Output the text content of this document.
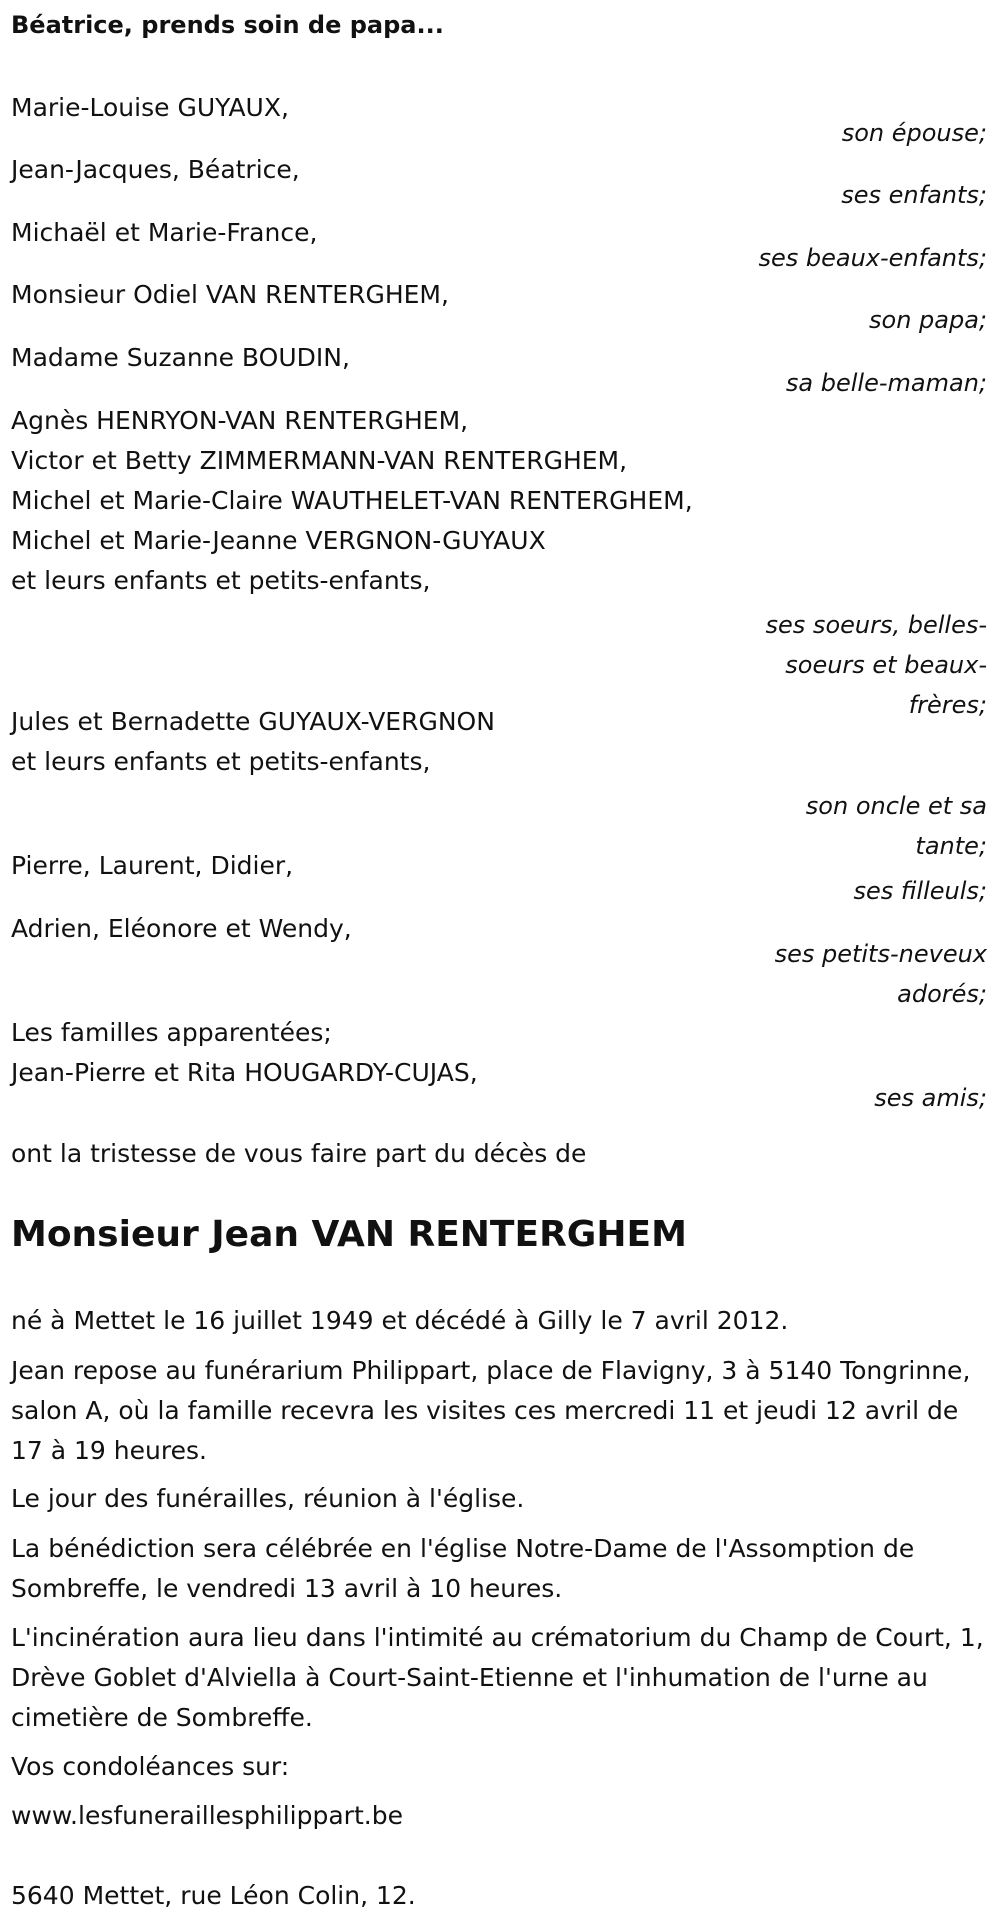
Béatrice, prends soin de papa...
Marie-Louise GUYAUX,
son épouse;
Jean-Jacques, Béatrice,
ses enfants;
Michaël et Marie-France,
ses beaux-enfants;
Monsieur Odiel VAN RENTERGHEM,
son papa;
Madame Suzanne BOUDIN,
sa belle-maman;
Agnès HENRYON-VAN RENTERGHEM,
Victor et Betty ZIMMERMANN-VAN RENTERGHEM,
Michel et Marie-Claire WAUTHELET-VAN RENTERGHEM,
Michel et Marie-Jeanne VERGNON-GUYAUX
et leurs enfants et petits-enfants,
ses soeurs, belles-soeurs et beaux-frères;
Jules et Bernadette GUYAUX-VERGNON
et leurs enfants et petits-enfants,
son oncle et sa tante;
Pierre, Laurent, Didier,
ses filleuls;
Adrien, Eléonore et Wendy,
ses petits-neveux adorés;
Les familles apparentées;
Jean-Pierre et Rita HOUGARDY-CUJAS,
ses amis;

ont la tristesse de vous faire part du décès de

Monsieur Jean VAN RENTERGHEM

né à Mettet le 16 juillet 1949 et décédé à Gilly le 7 avril 2012.

Jean repose au funérarium Philippart, place de Flavigny, 3 à 5140 Tongrinne, salon A, où la famille recevra les visites ces mercredi 11 et jeudi 12 avril de 17 à 19 heures.

Le jour des funérailles, réunion à l'église.

La bénédiction sera célébrée en l'église Notre-Dame de l'Assomption de Sombreffe, le vendredi 13 avril à 10 heures.

L'incinération aura lieu dans l'intimité au crématorium du Champ de Court, 1, Drève Goblet d'Alviella à Court-Saint-Etienne et l'inhumation de l'urne au cimetière de Sombreffe.

Vos condoléances sur:

www.lesfuneraillesphilippart.be

5640 Mettet, rue Léon Colin, 12.
